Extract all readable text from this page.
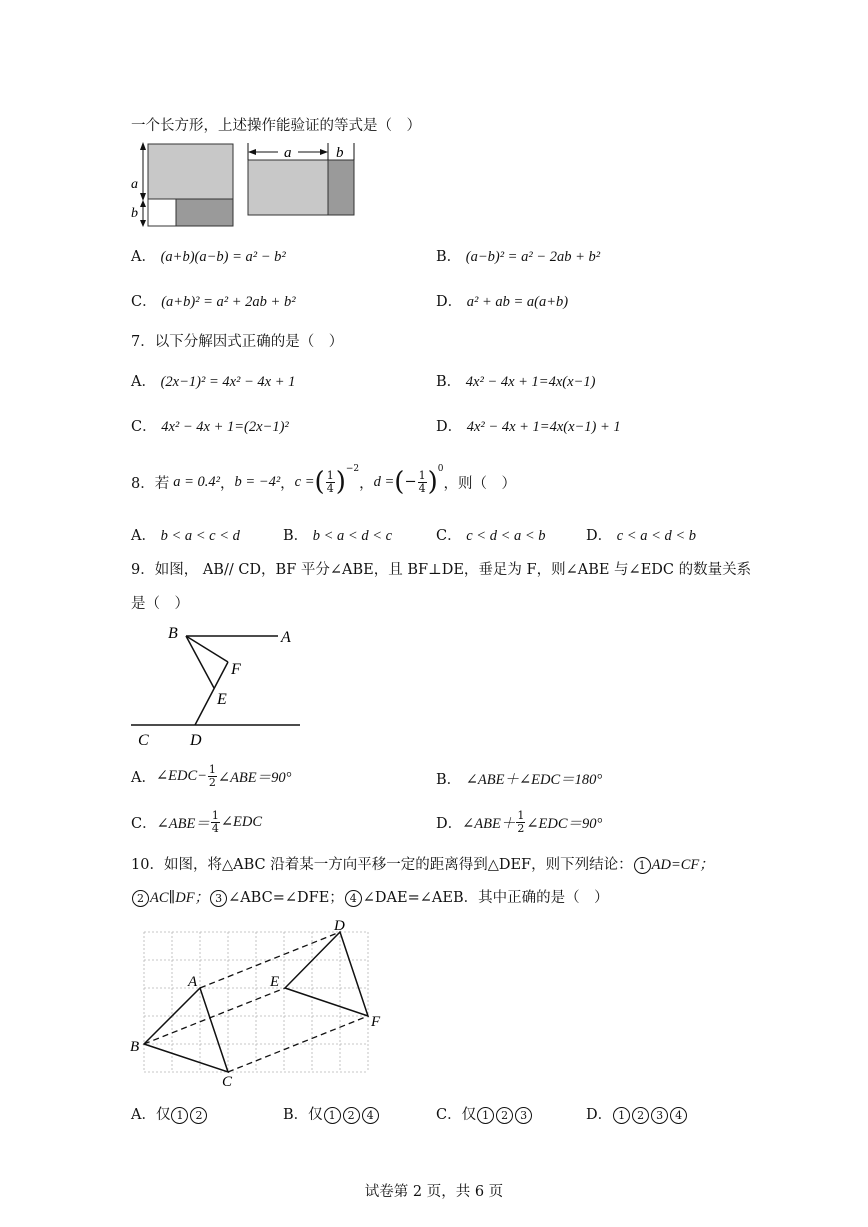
一个长方形，上述操作能验证的等式是（　）
a
b
a	b
A． (a+b)(a−b) = a² − b²	B． (a−b)² = a² − 2ab + b²
C． (a+b)² = a² + 2ab + b²	D． a² + ab = a(a+b)
7．以下分解因式正确的是（　）
A． (2x−1)² = 4x² − 4x + 1	B． 4x² − 4x + 1=4x(x−1)
C． 4x² − 4x + 1=(2x−1)²	D． 4x² − 4x + 1=4x(x−1) + 1
8．若 a = 0.4² ， b = −4² ， c = ( $\frac{1}{4}$ ) −2
， d = ( − $\frac{1}{4}$ ) 0
，则（　）
A． b < a < c < d	B． b < a < d < c	C． c < d < a < b	D． c < a < d < b
9．如图， AB// CD，BF 平分∠ABE，且 BF⊥DE，垂足为 F，则∠ABE 与∠EDC 的数量关系
是（　）
B	A
F
E
C	D
A． ∠EDC− $\frac{1}{2}$ ∠ABE＝90°	B． ∠ABE＋∠EDC＝180°
C． ∠ABE＝ $\frac{1}{4}$ ∠EDC	D． ∠ABE＋ $\frac{1}{2}$ ∠EDC＝90°
10．如图，将△ABC 沿着某一方向平移一定的距离得到△DEF，则下列结论： 1 AD=CF；
2 AC∥DF； 3 ∠ABC=∠DFE； 4 ∠DAE=∠AEB．其中正确的是（　）
A
B
C
D
E
F
A．仅 1 2	B．仅 1 2 4	C．仅 1 2 3	D． 1 2 3 4
试卷第 2 页，共 6 页
